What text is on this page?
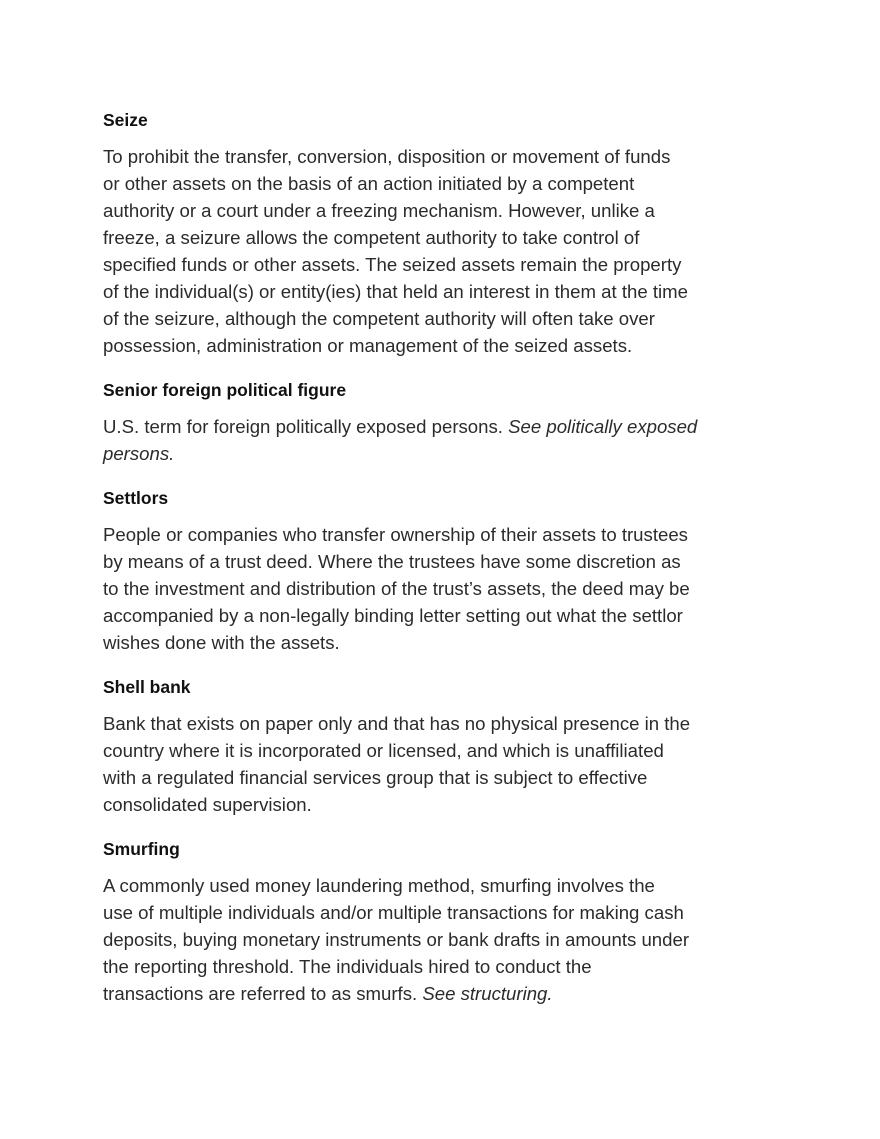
Seize
To prohibit the transfer, conversion, disposition or movement of funds
or other assets on the basis of an action initiated by a competent
authority or a court under a freezing mechanism. However, unlike a
freeze, a seizure allows the competent authority to take control of
specified funds or other assets. The seized assets remain the property
of the individual(s) or entity(ies) that held an interest in them at the time
of the seizure, although the competent authority will often take over
possession, administration or management of the seized assets.
Senior foreign political figure
U.S. term for foreign politically exposed persons. See politically exposed
persons.
Settlors
People or companies who transfer ownership of their assets to trustees
by means of a trust deed. Where the trustees have some discretion as
to the investment and distribution of the trust’s assets, the deed may be
accompanied by a non-legally binding letter setting out what the settlor
wishes done with the assets.
Shell bank
Bank that exists on paper only and that has no physical presence in the
country where it is incorporated or licensed, and which is unaffiliated
with a regulated financial services group that is subject to effective
consolidated supervision.
Smurfing
A commonly used money laundering method, smurfing involves the
use of multiple individuals and/or multiple transactions for making cash
deposits, buying monetary instruments or bank drafts in amounts under
the reporting threshold. The individuals hired to conduct the
transactions are referred to as smurfs. See structuring.
